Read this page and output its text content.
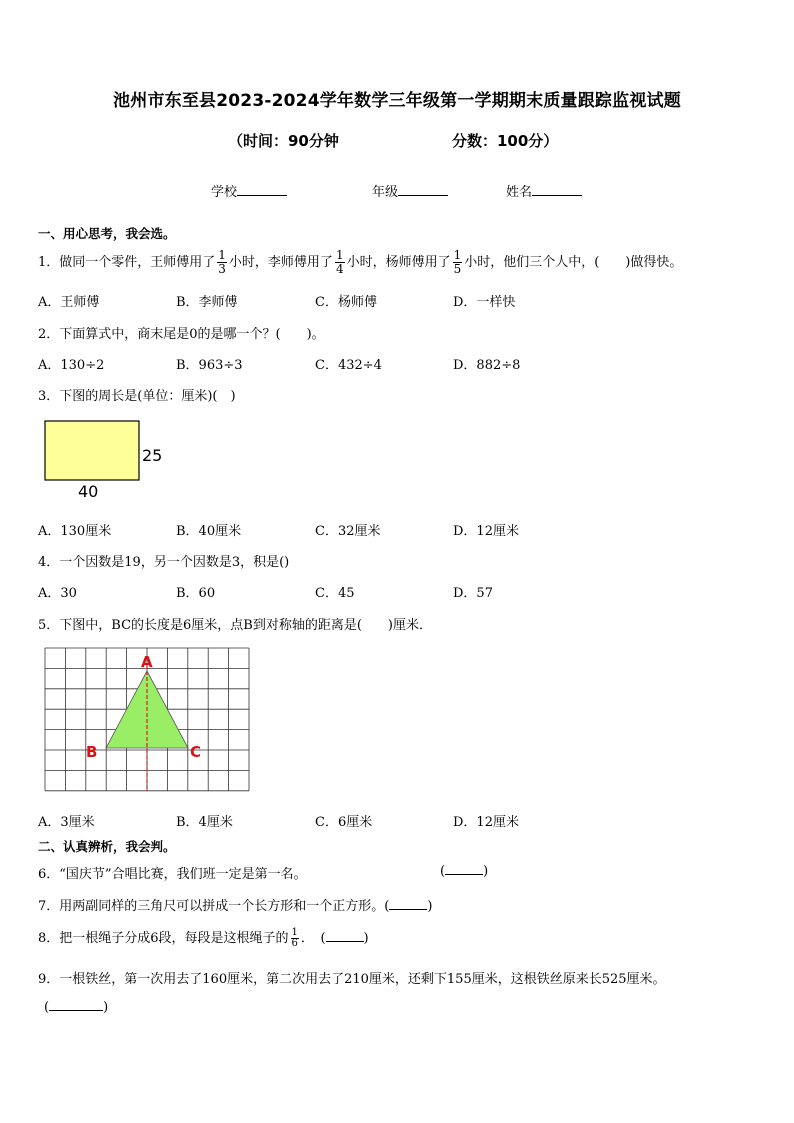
池州市东至县2023-2024学年数学三年级第一学期期末质量跟踪监视试题
（时间：90分钟	分数：100分）
学校	年级	姓名
一、用心思考，我会选。
1．做同一个零件，王师傅用了 $\frac{1}{3}$ 小时，李师傅用了 $\frac{1}{4}$ 小时，杨师傅用了 $\frac{1}{5}$ 小时，他们三个人中，(　　)做得快。
A．王师傅	B．李师傅	C．杨师傅	D．一样快
2．下面算式中，商末尾是0的是哪一个？(　　)。
A．130÷2	B．963÷3	C．432÷4	D．882÷8
3．下图的周长是(单位：厘米)(　)
25
40
A．130厘米	B．40厘米	C．32厘米	D．12厘米
4．一个因数是19，另一个因数是3，积是()
A．30	B．60	C．45	D．57
5．下图中，BC的长度是6厘米，点B到对称轴的距离是(　　)厘米．
A
B	C
A．3厘米	B．4厘米	C．6厘米	D．12厘米
二、认真辨析，我会判。
6．“国庆节”合唱比赛，我们班一定是第一名。	(	)
7．用两副同样的三角尺可以拼成一个长方形和一个正方形。(	)
8．把一根绳子分成6段，每段是这根绳子的 $\frac{1}{6}$ ．　 (	)
9．一根铁丝，第一次用去了160厘米，第二次用去了210厘米，还剩下155厘米，这根铁丝原来长525厘米。
(	)
